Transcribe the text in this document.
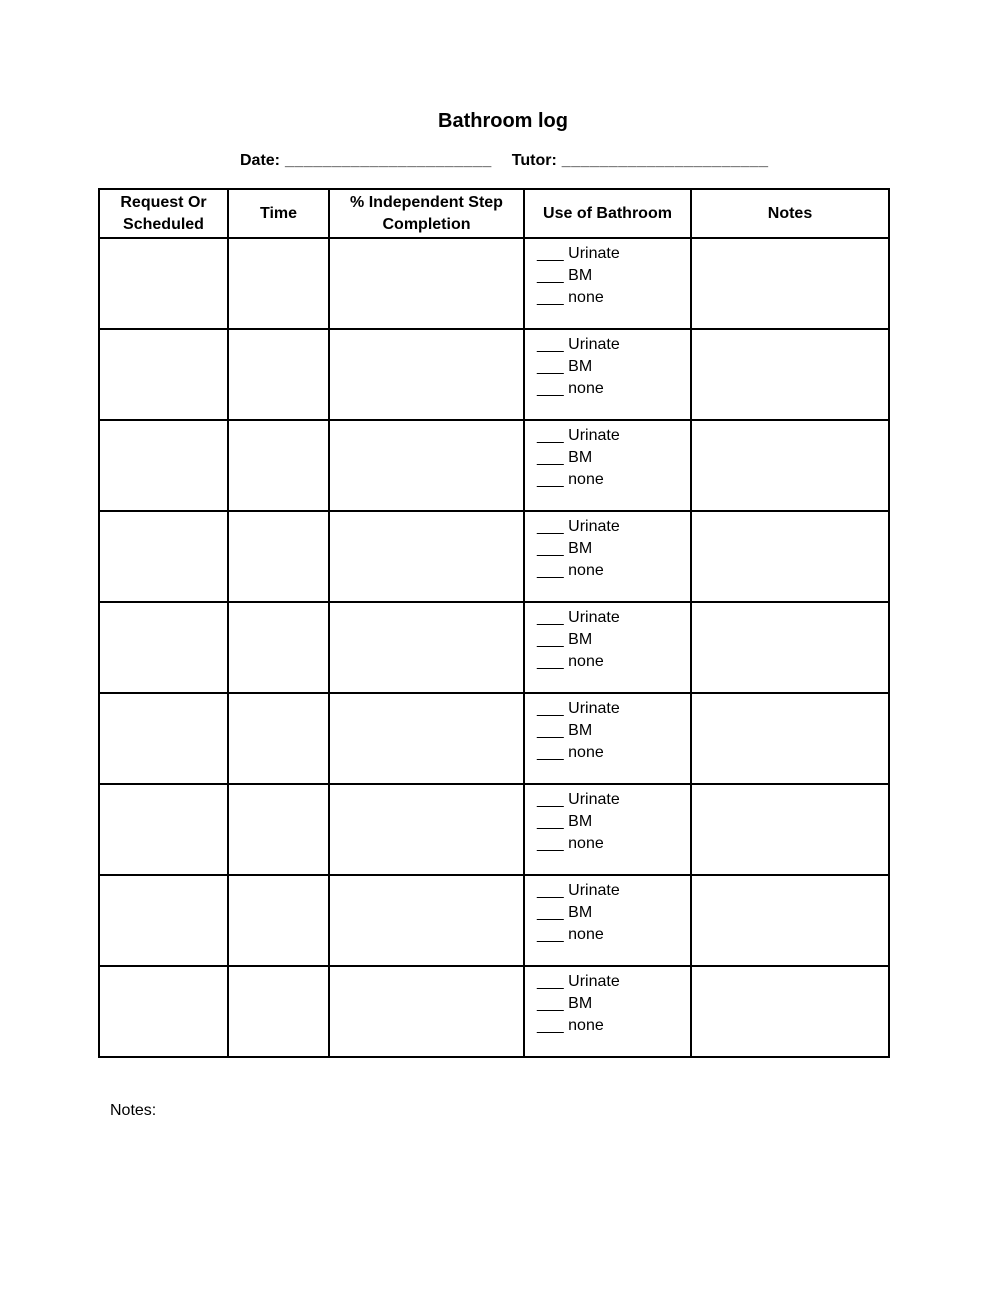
Bathroom log
Date: ______________________ Tutor: ______________________
Request Or Scheduled	Time	% Independent Step Completion	Use of Bathroom	Notes

			___ Urinate
___ BM
___ none	

			___ Urinate
___ BM
___ none	

			___ Urinate
___ BM
___ none	

			___ Urinate
___ BM
___ none	

			___ Urinate
___ BM
___ none	

			___ Urinate
___ BM
___ none	

			___ Urinate
___ BM
___ none	

			___ Urinate
___ BM
___ none	

			___ Urinate
___ BM
___ none	

Notes:
